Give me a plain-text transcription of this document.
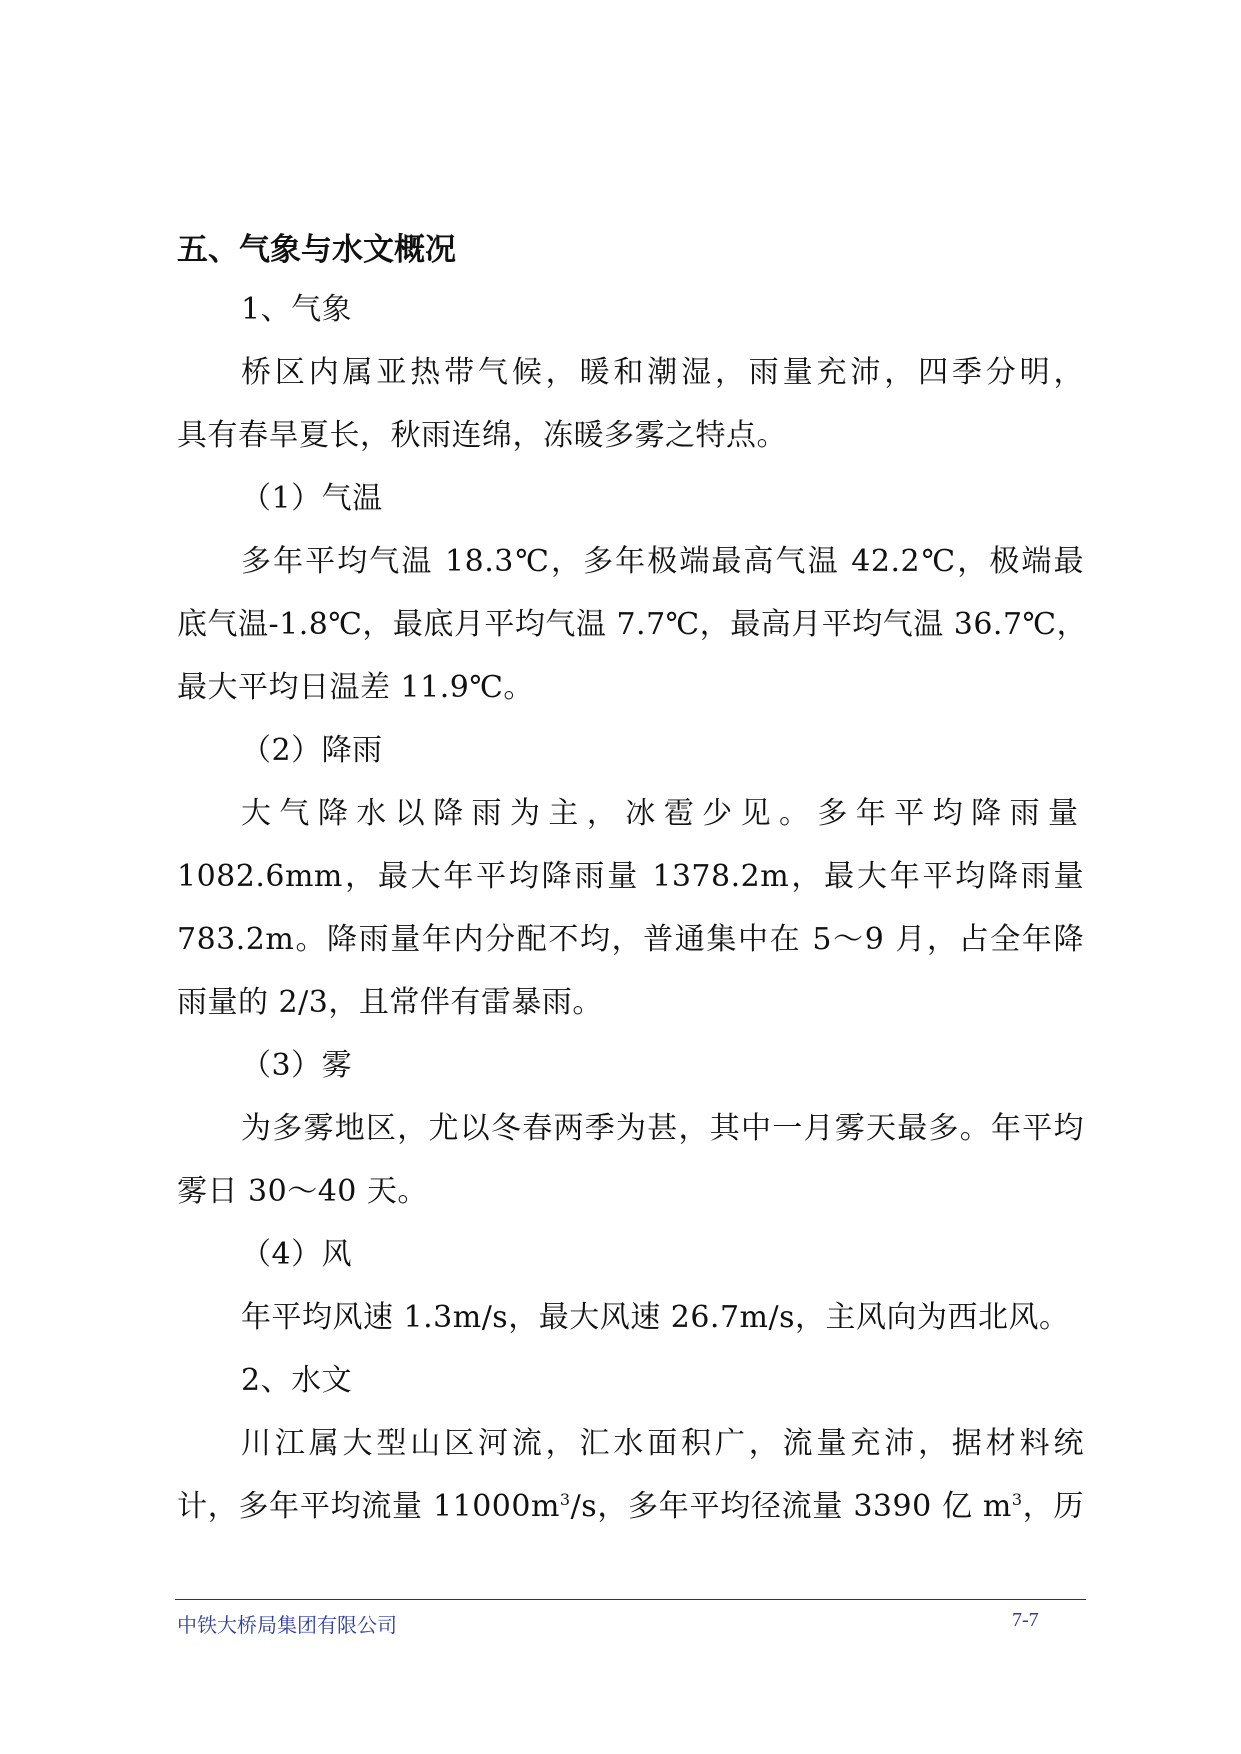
五、气象与水文概况
1、气象
桥区内属亚热带气候，暖和潮湿，雨量充沛，四季分明，
具有春旱夏长，秋雨连绵，冻暖多雾之特点。
（1）气温
多年平均气温 18.3℃，多年极端最高气温 42.2℃，极端最
底气温-1.8℃，最底月平均气温 7.7℃，最高月平均气温 36.7℃，
最大平均日温差 11.9℃。
（2）降雨
大气降水以降雨为主，冰雹少见。多年平均降雨量
1082.6mm，最大年平均降雨量 1378.2m，最大年平均降雨量
783.2m。降雨量年内分配不均，普通集中在 5～9 月，占全年降
雨量的 2/3，且常伴有雷暴雨。
（3）雾
为多雾地区，尤以冬春两季为甚，其中一月雾天最多。年平均
雾日 30～40 天。
（4）风
年平均风速 1.3m/s，最大风速 26.7m/s，主风向为西北风。
2、水文
川江属大型山区河流，汇水面积广，流量充沛，据材料统
计，多年平均流量 $11000m^3/s$，多年平均径流量 3390 亿 $m^3$，历
中铁大桥局集团有限公司	7-7
